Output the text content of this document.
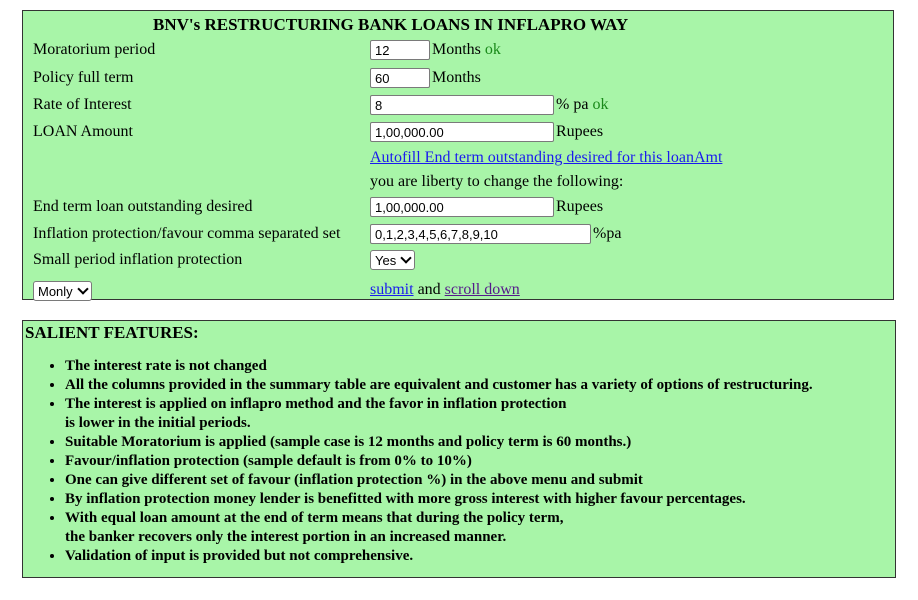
BNV's RESTRUCTURING BANK LOANS IN INFLAPRO WAY
Moratorium period
12	Months ok
Policy full term
60	Months
Rate of Interest
8	% pa ok
LOAN Amount
1,00,000.00	Rupees
Autofill End term outstanding desired for this loanAmt
you are liberty to change the following:
End term loan outstanding desired
1,00,000.00	Rupees
Inflation protection/favour comma separated set
0,1,2,3,4,5,6,7,8,9,10	%pa
Small period inflation protection	Yes
Monly	submit and scroll down
SALIENT FEATURES:
• The interest rate is not changed
• All the columns provided in the summary table are equivalent and customer has a variety of options of restructuring.
• The interest is applied on inflapro method and the favor in inflation protection
is lower in the initial periods.
• Suitable Moratorium is applied (sample case is 12 months and policy term is 60 months.)
• Favour/inflation protection (sample default is from 0% to 10%)
• One can give different set of favour (inflation protection %) in the above menu and submit
• By inflation protection money lender is benefitted with more gross interest with higher favour percentages.
• With equal loan amount at the end of term means that during the policy term,
the banker recovers only the interest portion in an increased manner.
• Validation of input is provided but not comprehensive.
